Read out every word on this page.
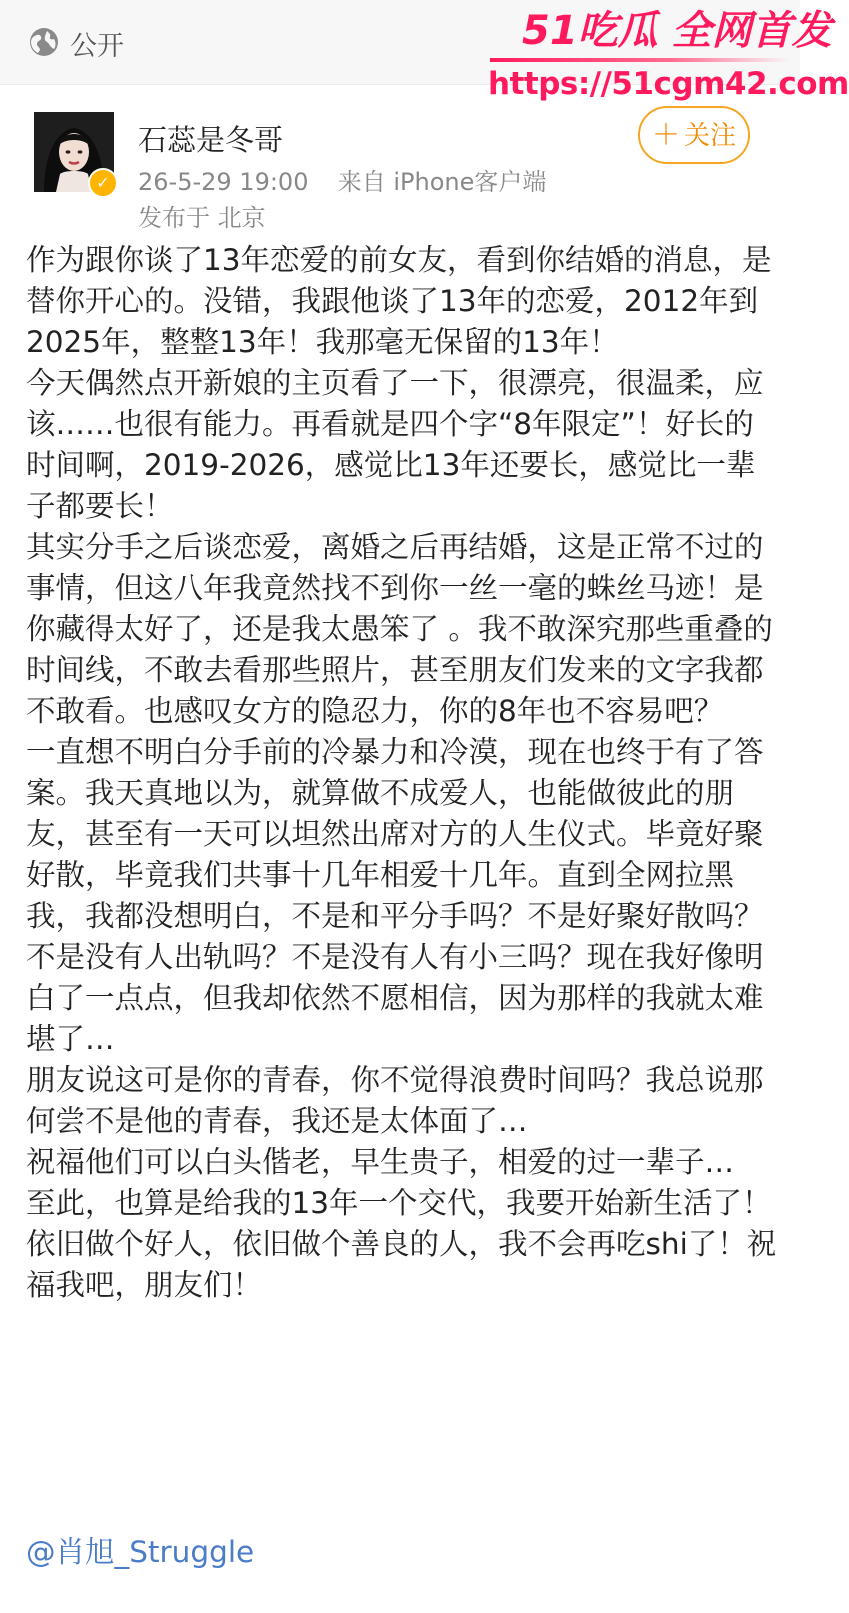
公开	51吃瓜 全网首发
https://51cgm42.com
✓
石蕊是冬哥
26-5-29 19:00 来自 iPhone客户端
发布于 北京
＋ 关注

作为跟你谈了13年恋爱的前女友，看到你结婚的消息，是替你开心的。没错，我跟他谈了13年的恋爱，2012年到2025年，整整13年！我那毫无保留的13年！

今天偶然点开新娘的主页看了一下，很漂亮，很温柔，应该……也很有能力。再看就是四个字“8年限定”！好长的时间啊，2019-2026，感觉比13年还要长，感觉比一辈子都要长！

其实分手之后谈恋爱，离婚之后再结婚，这是正常不过的事情，但这八年我竟然找不到你一丝一毫的蛛丝马迹！是你藏得太好了，还是我太愚笨了 。我不敢深究那些重叠的时间线，不敢去看那些照片，甚至朋友们发来的文字我都不敢看。也感叹女方的隐忍力，你的8年也不容易吧？

一直想不明白分手前的冷暴力和冷漠，现在也终于有了答案。我天真地以为，就算做不成爱人，也能做彼此的朋友，甚至有一天可以坦然出席对方的人生仪式。毕竟好聚好散，毕竟我们共事十几年相爱十几年。直到全网拉黑我，我都没想明白，不是和平分手吗？不是好聚好散吗？不是没有人出轨吗？不是没有人有小三吗？现在我好像明白了一点点，但我却依然不愿相信，因为那样的我就太难堪了…

朋友说这可是你的青春，你不觉得浪费时间吗？我总说那何尝不是他的青春，我还是太体面了…

祝福他们可以白头偕老，早生贵子，相爱的过一辈子…

至此，也算是给我的13年一个交代，我要开始新生活了！依旧做个好人，依旧做个善良的人，我不会再吃shi了！祝福我吧，朋友们！

@肖旭_Struggle
